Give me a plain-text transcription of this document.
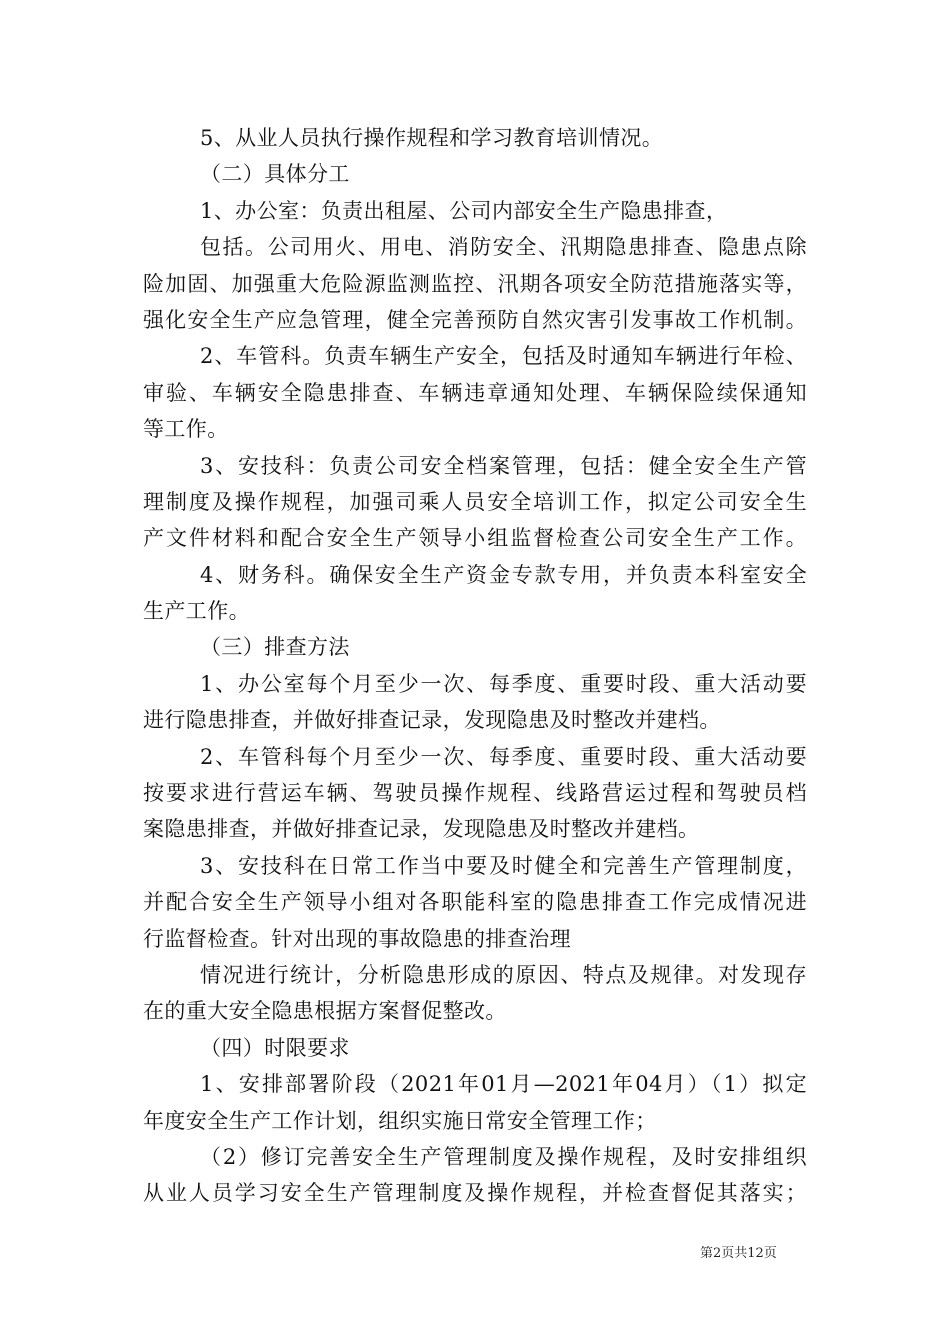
5、从业人员执行操作规程和学习教育培训情况。
（二）具体分工
1、办公室：负责出租屋、公司内部安全生产隐患排查，
包括。公司用火、用电、消防安全、汛期隐患排查、隐患点除
险加固、加强重大危险源监测监控、汛期各项安全防范措施落实等，
强化安全生产应急管理，健全完善预防自然灾害引发事故工作机制。
2、车管科。负责车辆生产安全，包括及时通知车辆进行年检、
审验、车辆安全隐患排查、车辆违章通知处理、车辆保险续保通知
等工作。
3、安技科：负责公司安全档案管理，包括：健全安全生产管
理制度及操作规程，加强司乘人员安全培训工作，拟定公司安全生
产文件材料和配合安全生产领导小组监督检查公司安全生产工作。
4、财务科。确保安全生产资金专款专用，并负责本科室安全
生产工作。
（三）排查方法
1、办公室每个月至少一次、每季度、重要时段、重大活动要
进行隐患排查，并做好排查记录，发现隐患及时整改并建档。
2、车管科每个月至少一次、每季度、重要时段、重大活动要
按要求进行营运车辆、驾驶员操作规程、线路营运过程和驾驶员档
案隐患排查，并做好排查记录，发现隐患及时整改并建档。
3、安技科在日常工作当中要及时健全和完善生产管理制度，
并配合安全生产领导小组对各职能科室的隐患排查工作完成情况进
行监督检查。针对出现的事故隐患的排查治理
情况进行统计，分析隐患形成的原因、特点及规律。对发现存
在的重大安全隐患根据方案督促整改。
（四）时限要求
1、安排部署阶段（2021年01月—2021年04月）（1）拟定
年度安全生产工作计划，组织实施日常安全管理工作；
（2）修订完善安全生产管理制度及操作规程，及时安排组织
从业人员学习安全生产管理制度及操作规程，并检查督促其落实；
第2页共12页
